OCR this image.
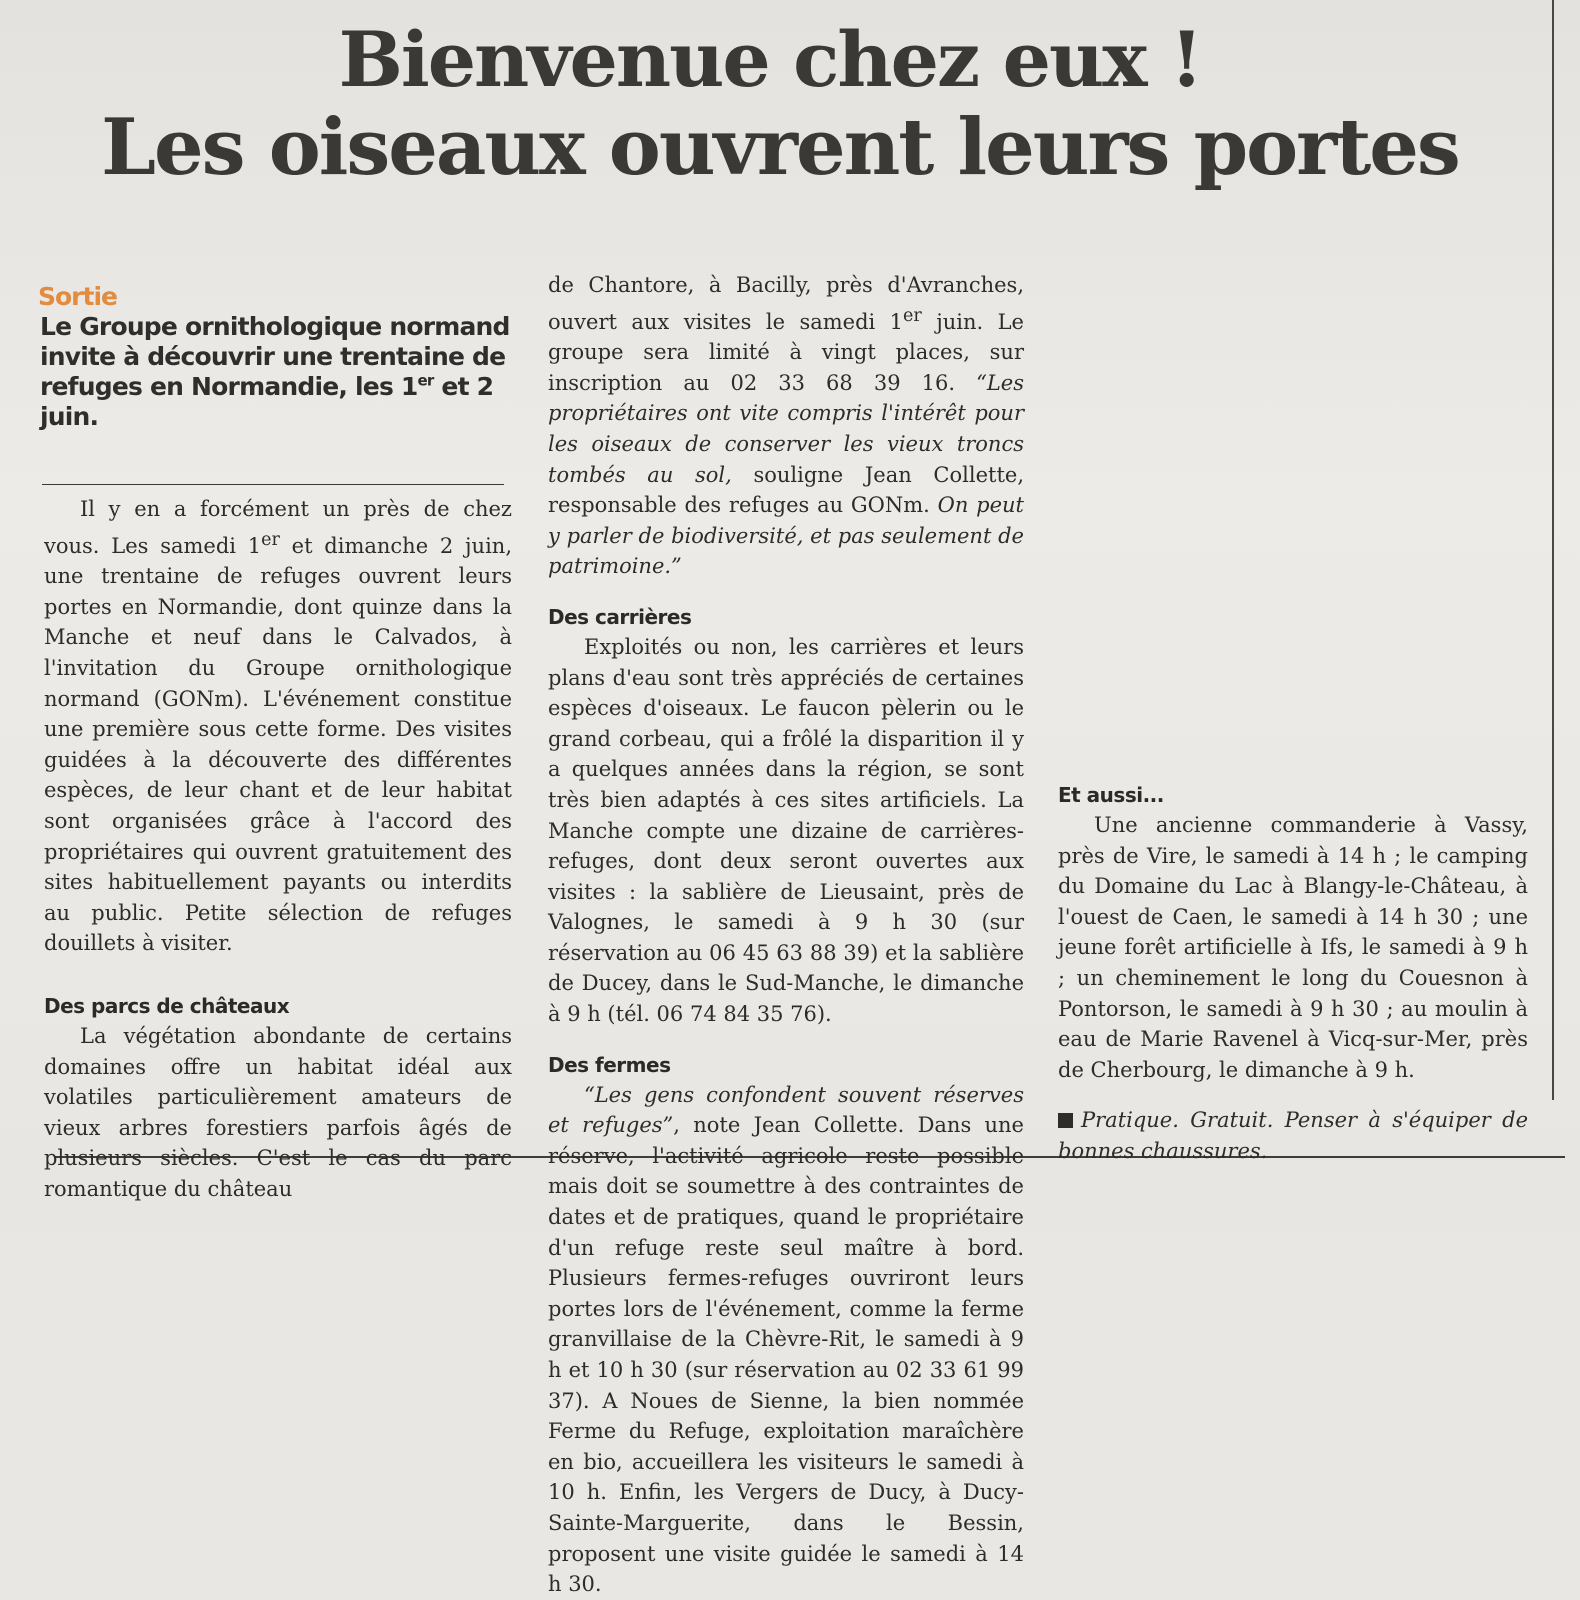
Bienvenue chez eux !
Les oiseaux ouvrent leurs portes
Sortie
Le Groupe ornithologique normand invite à découvrir une trentaine de refuges en Normandie, les 1er et 2 juin.

Il y en a forcément un près de chez vous. Les samedi 1er et dimanche 2 juin, une trentaine de refuges ouvrent leurs portes en Normandie, dont quinze dans la Manche et neuf dans le Calvados, à l'invitation du Groupe ornithologique normand (GONm). L'événement constitue une première sous cette forme. Des visites guidées à la découverte des différentes espèces, de leur chant et de leur habitat sont organisées grâce à l'accord des propriétaires qui ouvrent gratuitement des sites habituellement payants ou interdits au public. Petite sélection de refuges douillets à visiter.

Des parcs de châteaux

La végétation abondante de certains domaines offre un habitat idéal aux volatiles particulièrement amateurs de vieux arbres forestiers parfois âgés de plusieurs siècles. C'est le cas du parc romantique du château

de Chantore, à Bacilly, près d'Avranches, ouvert aux visites le samedi 1er juin. Le groupe sera limité à vingt places, sur inscription au 02 33 68 39 16. “Les propriétaires ont vite compris l'intérêt pour les oiseaux de conserver les vieux troncs tombés au sol, souligne Jean Collette, responsable des refuges au GONm. On peut y parler de biodiversité, et pas seulement de patrimoine.”

Des carrières

Exploités ou non, les carrières et leurs plans d'eau sont très appréciés de certaines espèces d'oiseaux. Le faucon pèlerin ou le grand corbeau, qui a frôlé la disparition il y a quelques années dans la région, se sont très bien adaptés à ces sites artificiels. La Manche compte une dizaine de carrières-refuges, dont deux seront ouvertes aux visites : la sablière de Lieusaint, près de Valognes, le samedi à 9 h 30 (sur réservation au 06 45 63 88 39) et la sablière de Ducey, dans le Sud-Manche, le dimanche à 9 h (tél. 06 74 84 35 76).

Des fermes

“Les gens confondent souvent réserves et refuges”, note Jean Collette. Dans une réserve, l'activité agricole reste possible mais doit se soumettre à des contraintes de dates et de pratiques, quand le propriétaire d'un refuge reste seul maître à bord. Plusieurs fermes-refuges ouvriront leurs portes lors de l'événement, comme la ferme granvillaise de la Chèvre-Rit, le samedi à 9 h et 10 h 30 (sur réservation au 02 33 61 99 37). A Noues de Sienne, la bien nommée Ferme du Refuge, exploitation maraîchère en bio, accueillera les visiteurs le samedi à 10 h. Enfin, les Vergers de Ducy, à Ducy-Sainte-Marguerite, dans le Bessin, proposent une visite guidée le samedi à 14 h 30.

Et aussi...

Une ancienne commanderie à Vassy, près de Vire, le samedi à 14 h ; le camping du Domaine du Lac à Blangy-le-Château, à l'ouest de Caen, le samedi à 14 h 30 ; une jeune forêt artificielle à Ifs, le samedi à 9 h ; un cheminement le long du Couesnon à Pontorson, le samedi à 9 h 30 ; au moulin à eau de Marie Ravenel à Vicq-sur-Mer, près de Cherbourg, le dimanche à 9 h.

Pratique. Gratuit. Penser à s'équiper de bonnes chaussures.
